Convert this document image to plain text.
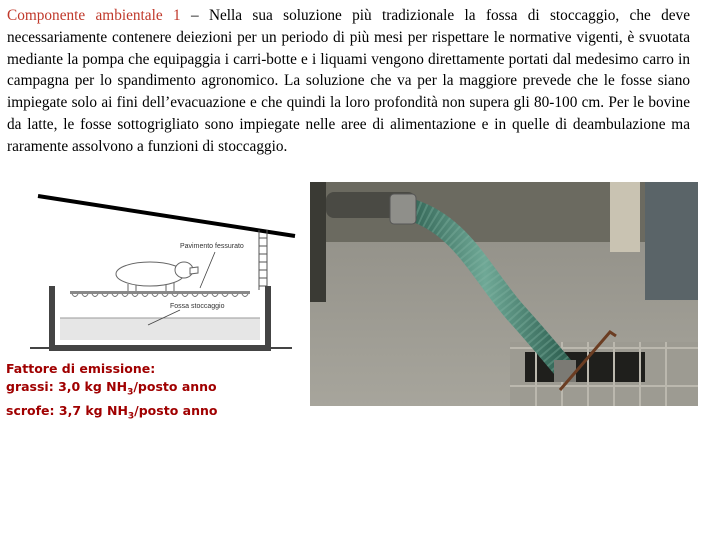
Componente ambientale 1 – Nella sua soluzione più tradizionale la fossa di stoccaggio, che deve necessariamente contenere deiezioni per un periodo di più mesi per rispettare le normative vigenti, è svuotata mediante la pompa che equipaggia i carri-botte e i liquami vengono direttamente portati dal medesimo carro in campagna per lo spandimento agronomico. La soluzione che va per la maggiore prevede che le fosse siano impiegate solo ai fini dell’evacuazione e che quindi la loro profondità non supera gli 80-100 cm. Per le bovine da latte, le fosse sottogrigliato sono impiegate nelle aree di alimentazione e in quelle di deambulazione ma raramente assolvono a funzioni di stoccaggio.

Pavimento fessurato
Fossa stoccaggio
Fattore di emissione:
grassi: 3,0 kg $NH_3$/posto anno
scrofe: 3,7 kg $NH_3$/posto anno
